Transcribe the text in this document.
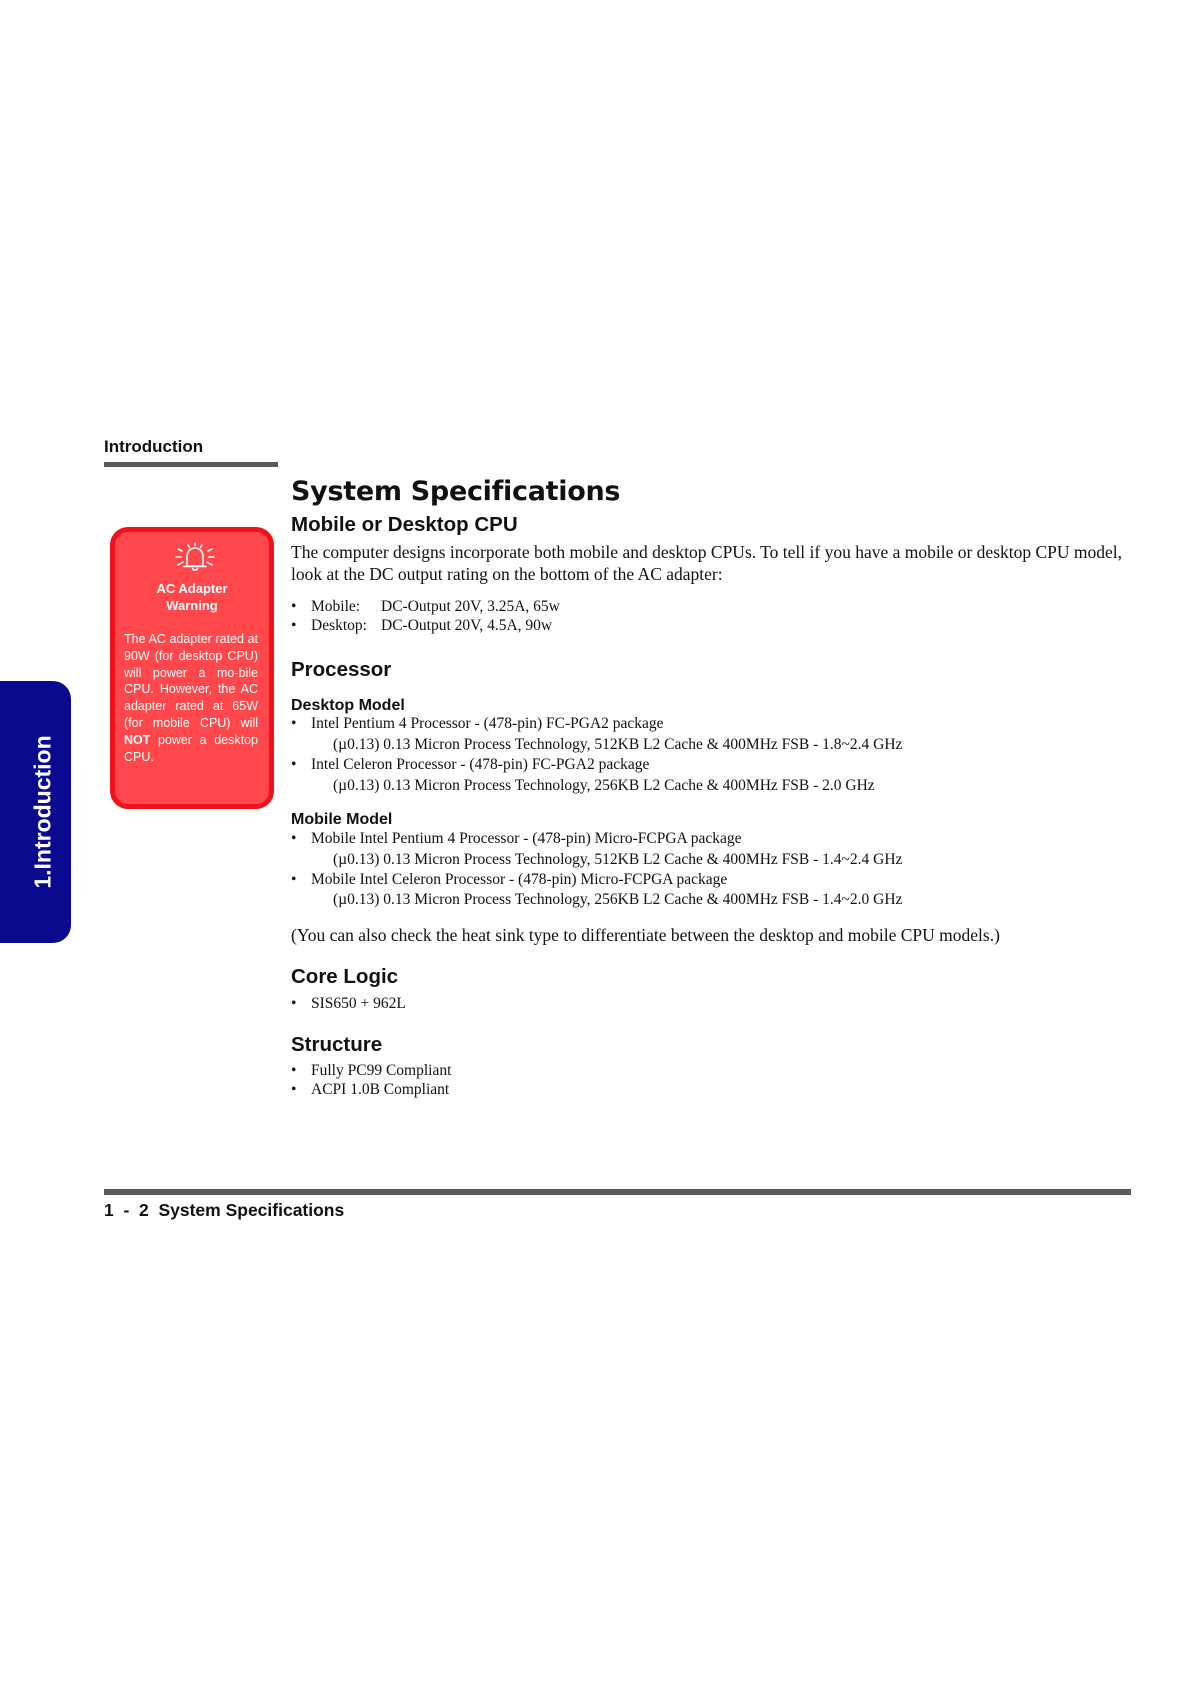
Introduction
1.Introduction
AC Adapter
Warning
The AC adapter rated at 90W (for desktop CPU) will power a mo-bile CPU. However, the AC adapter rated at 65W (for mobile CPU) will NOT power a desktop CPU.
System Specifications
Mobile or Desktop CPU
The computer designs incorporate both mobile and desktop CPUs. To tell if you have a mobile or desktop CPU model, look at the DC output rating on the bottom of the AC adapter:
• Mobile: DC-Output 20V, 3.25A, 65w
• Desktop: DC-Output 20V, 4.5A, 90w
Processor
Desktop Model
• Intel Pentium 4 Processor - (478-pin) FC-PGA2 package
(µ0.13) 0.13 Micron Process Technology, 512KB L2 Cache & 400MHz FSB - 1.8~2.4 GHz
• Intel Celeron Processor - (478-pin) FC-PGA2 package
(µ0.13) 0.13 Micron Process Technology, 256KB L2 Cache & 400MHz FSB - 2.0 GHz
Mobile Model
• Mobile Intel Pentium 4 Processor - (478-pin) Micro-FCPGA package
(µ0.13) 0.13 Micron Process Technology, 512KB L2 Cache & 400MHz FSB - 1.4~2.4 GHz
• Mobile Intel Celeron Processor - (478-pin) Micro-FCPGA package
(µ0.13) 0.13 Micron Process Technology, 256KB L2 Cache & 400MHz FSB - 1.4~2.0 GHz
(You can also check the heat sink type to differentiate between the desktop and mobile CPU models.)
Core Logic
• SIS650 + 962L
Structure
• Fully PC99 Compliant
• ACPI 1.0B Compliant
1  -  2  System Specifications
